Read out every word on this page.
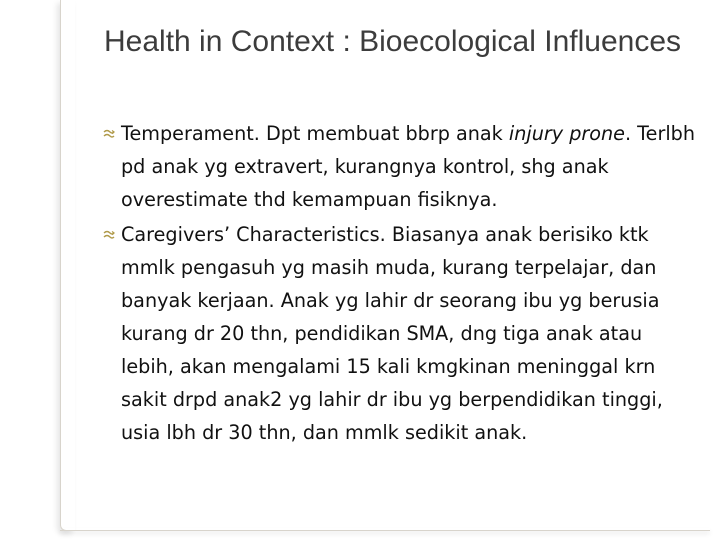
Health in Context : Bioecological Influences
Temperament. Dpt membuat bbrp anak injury prone. Terlbh pd anak yg extravert, kurangnya kontrol, shg anak overestimate thd kemampuan fisiknya.
Caregivers’ Characteristics. Biasanya anak berisiko ktk mmlk pengasuh yg masih muda, kurang terpelajar, dan banyak kerjaan. Anak yg lahir dr seorang ibu yg berusia kurang dr 20 thn, pendidikan SMA, dng tiga anak atau lebih, akan mengalami 15 kali kmgkinan meninggal krn sakit drpd anak2 yg lahir dr ibu yg berpendidikan tinggi, usia lbh dr 30 thn, dan mmlk sedikit anak.
